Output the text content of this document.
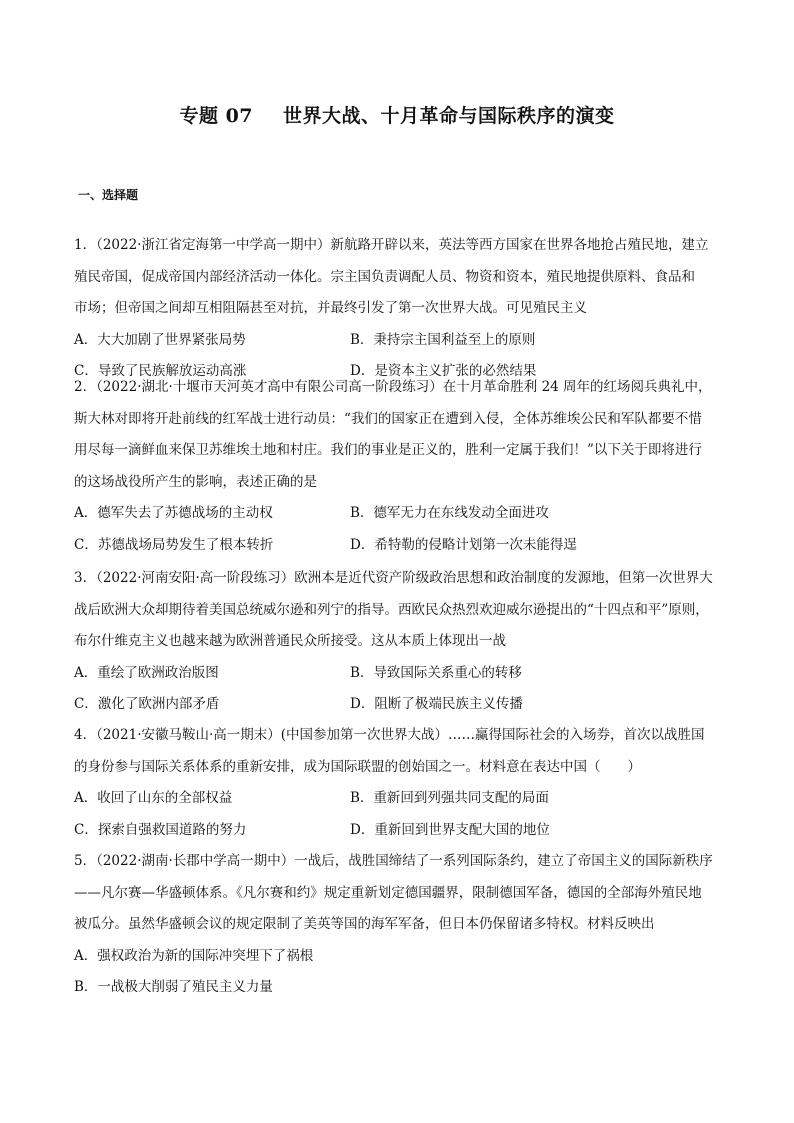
专题 07 世界大战、十月革命与国际秩序的演变
一、选择题

1．（2022·浙江省定海第一中学高一期中）新航路开辟以来，英法等西方国家在世界各地抢占殖民地，建立

殖民帝国，促成帝国内部经济活动一体化。宗主国负责调配人员、物资和资本，殖民地提供原料、食品和

市场；但帝国之间却互相阻隔甚至对抗，并最终引发了第一次世界大战。可见殖民主义

A．大大加剧了世界紧张局势	B．秉持宗主国利益至上的原则
C．导致了民族解放运动高涨	D．是资本主义扩张的必然结果

2．（2022·湖北·十堰市天河英才高中有限公司高一阶段练习）在十月革命胜利 24 周年的红场阅兵典礼中，

斯大林对即将开赴前线的红军战士进行动员：“我们的国家正在遭到入侵，全体苏维埃公民和军队都要不惜

用尽每一滴鲜血来保卫苏维埃土地和村庄。我们的事业是正义的，胜利一定属于我们！”以下关于即将进行

的这场战役所产生的影响，表述正确的是

A．德军失去了苏德战场的主动权	B．德军无力在东线发动全面进攻
C．苏德战场局势发生了根本转折	D．希特勒的侵略计划第一次未能得逞

3．（2022·河南安阳·高一阶段练习）欧洲本是近代资产阶级政治思想和政治制度的发源地，但第一次世界大

战后欧洲大众却期待着美国总统威尔逊和列宁的指导。西欧民众热烈欢迎威尔逊提出的“十四点和平”原则，

布尔什维克主义也越来越为欧洲普通民众所接受。这从本质上体现出一战

A．重绘了欧洲政治版图	B．导致国际关系重心的转移
C．激化了欧洲内部矛盾	D．阻断了极端民族主义传播

4．（2021·安徽马鞍山·高一期末）(中国参加第一次世界大战）……赢得国际社会的入场券，首次以战胜国

的身份参与国际关系体系的重新安排，成为国际联盟的创始国之一。材料意在表达中国（　　）

A．收回了山东的全部权益	B．重新回到列强共同支配的局面
C．探索自强救国道路的努力	D．重新回到世界支配大国的地位

5．（2022·湖南·长郡中学高一期中）一战后，战胜国缔结了一系列国际条约，建立了帝国主义的国际新秩序

——凡尔赛—华盛顿体系。《凡尔赛和约》规定重新划定德国疆界，限制德国军备，德国的全部海外殖民地

被瓜分。虽然华盛顿会议的规定限制了美英等国的海军军备，但日本仍保留诸多特权。材料反映出

A．强权政治为新的国际冲突埋下了祸根

B．一战极大削弱了殖民主义力量
